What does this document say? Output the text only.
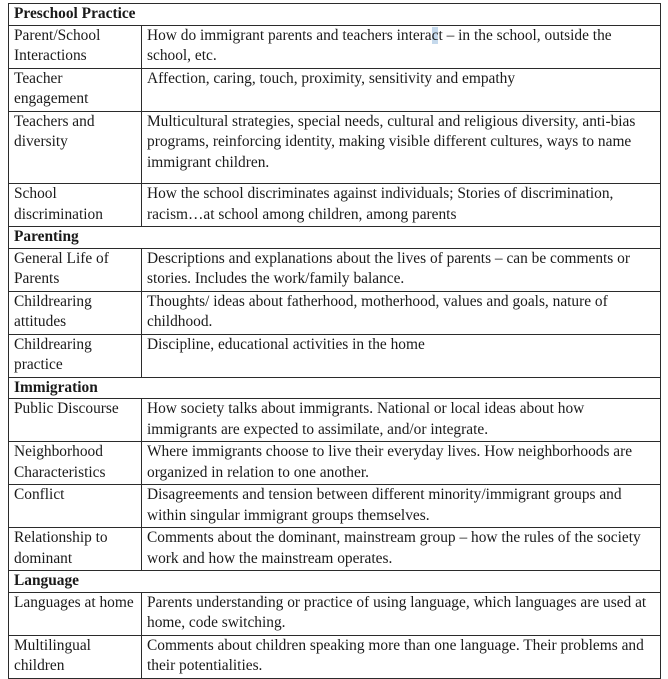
Preschool Practice	
Parent/School Interactions	How do immigrant parents and teachers interact – in the school, outside the school, etc.
Teacher engagement	Affection, caring, touch, proximity, sensitivity and empathy
Teachers and diversity	Multicultural strategies, special needs, cultural and religious diversity, anti-bias programs, reinforcing identity, making visible different cultures, ways to name immigrant children.
School discrimination	How the school discriminates against individuals; Stories of discrimination, racism…at school among children, among parents
Parenting	
General Life of Parents	Descriptions and explanations about the lives of parents – can be comments or stories. Includes the work/family balance.
Childrearing attitudes	Thoughts/ ideas about fatherhood, motherhood, values and goals, nature of childhood.
Childrearing practice	Discipline, educational activities in the home
Immigration	
Public Discourse	How society talks about immigrants. National or local ideas about how immigrants are expected to assimilate, and/or integrate.
Neighborhood Characteristics	Where immigrants choose to live their everyday lives. How neighborhoods are organized in relation to one another.
Conflict	Disagreements and tension between different minority/immigrant groups and within singular immigrant groups themselves.
Relationship to dominant	Comments about the dominant, mainstream group – how the rules of the society work and how the mainstream operates.
Language	
Languages at home	Parents understanding or practice of using language, which languages are used at home, code switching.
Multilingual children	Comments about children speaking more than one language. Their problems and their potentialities.
